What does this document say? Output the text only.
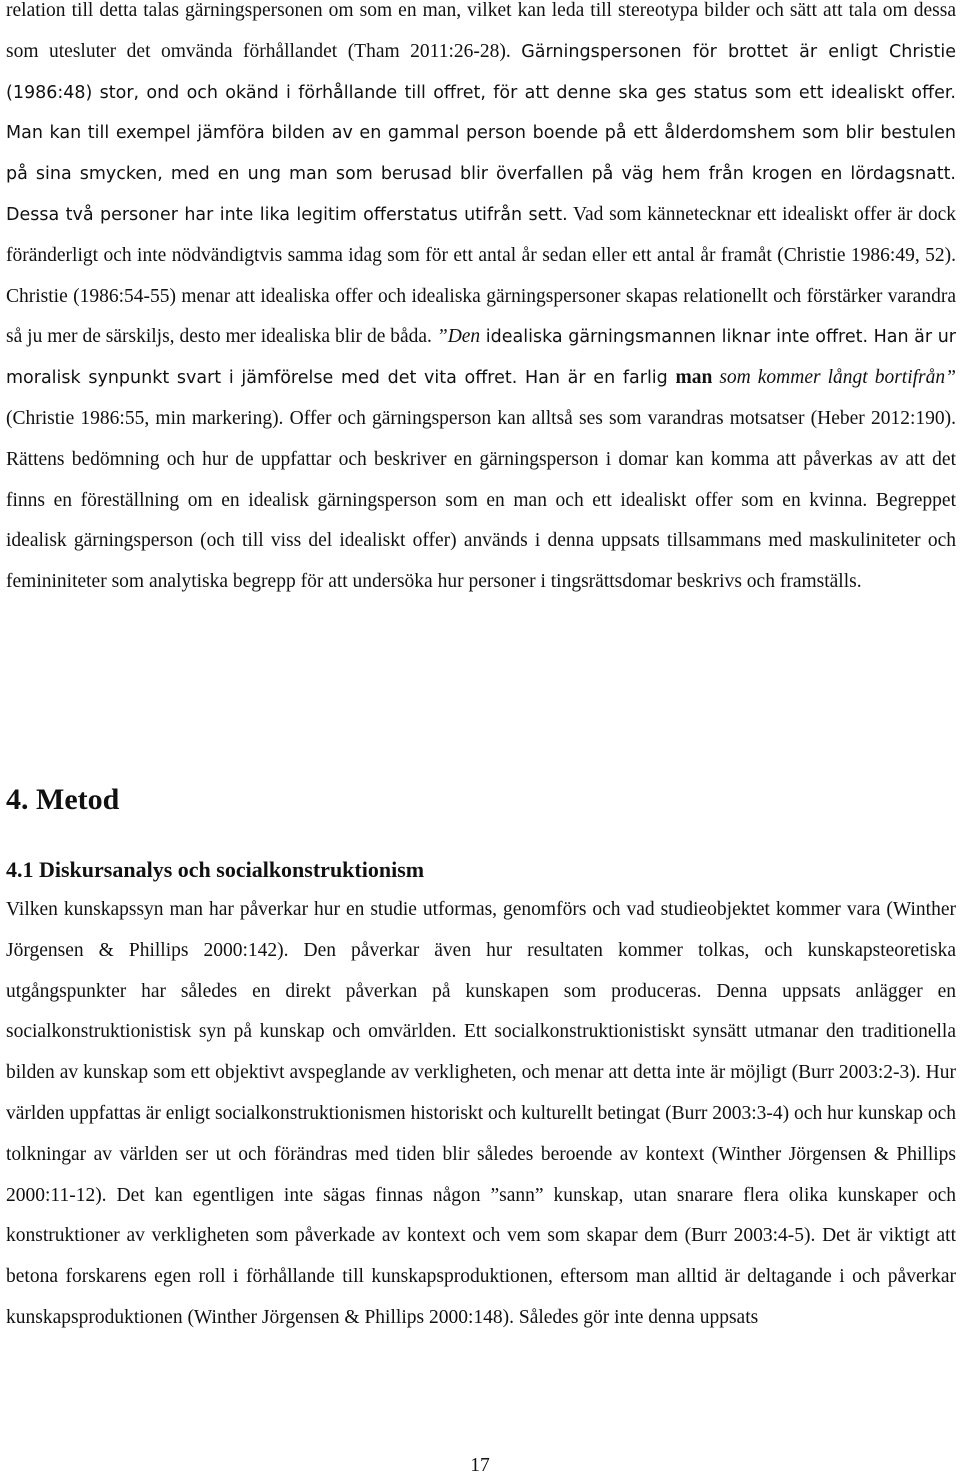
relation till detta talas gärningspersonen om som en man, vilket kan leda till stereotypa bilder och sätt att tala om dessa som utesluter det omvända förhållandet (Tham 2011:26-28). Gärningspersonen för brottet är enligt Christie (1986:48) stor, ond och okänd i förhållande till offret, för att denne ska ges status som ett idealiskt offer. Man kan till exempel jämföra bilden av en gammal person boende på ett ålderdomshem som blir bestulen på sina smycken, med en ung man som berusad blir överfallen på väg hem från krogen en lördagsnatt. Dessa två personer har inte lika legitim offerstatus utifrån sett. Vad som kännetecknar ett idealiskt offer är dock föränderligt och inte nödvändigtvis samma idag som för ett antal år sedan eller ett antal år framåt (Christie 1986:49, 52). Christie (1986:54-55) menar att idealiska offer och idealiska gärningspersoner skapas relationellt och förstärker varandra så ju mer de särskiljs, desto mer idealiska blir de båda. ”Den idealiska gärningsmannen liknar inte offret. Han är ur moralisk synpunkt svart i jämförelse med det vita offret. Han är en farlig man som kommer långt bortifrån” (Christie 1986:55, min markering). Offer och gärningsperson kan alltså ses som varandras motsatser (Heber 2012:190). Rättens bedömning och hur de uppfattar och beskriver en gärningsperson i domar kan komma att påverkas av att det finns en föreställning om en idealisk gärningsperson som en man och ett idealiskt offer som en kvinna. Begreppet idealisk gärningsperson (och till viss del idealiskt offer) används i denna uppsats tillsammans med maskuliniteter och femininiteter som analytiska begrepp för att undersöka hur personer i tingsrättsdomar beskrivs och framställs.

4. Metod
4.1 Diskursanalys och socialkonstruktionism

Vilken kunskapssyn man har påverkar hur en studie utformas, genomförs och vad studieobjektet kommer vara (Winther Jörgensen & Phillips 2000:142). Den påverkar även hur resultaten kommer tolkas, och kunskapsteoretiska utgångspunkter har således en direkt påverkan på kunskapen som produceras. Denna uppsats anlägger en socialkonstruktionistisk syn på kunskap och omvärlden. Ett socialkonstruktionistiskt synsätt utmanar den traditionella bilden av kunskap som ett objektivt avspeglande av verkligheten, och menar att detta inte är möjligt (Burr 2003:2-3). Hur världen uppfattas är enligt socialkonstruktionismen historiskt och kulturellt betingat (Burr 2003:3-4) och hur kunskap och tolkningar av världen ser ut och förändras med tiden blir således beroende av kontext (Winther Jörgensen & Phillips 2000:11-12). Det kan egentligen inte sägas finnas någon ”sann” kunskap, utan snarare flera olika kunskaper och konstruktioner av verkligheten som påverkade av kontext och vem som skapar dem (Burr 2003:4-5). Det är viktigt att betona forskarens egen roll i förhållande till kunskapsproduktionen, eftersom man alltid är deltagande i och påverkar kunskapsproduktionen (Winther Jörgensen & Phillips 2000:148). Således gör inte denna uppsats

17
